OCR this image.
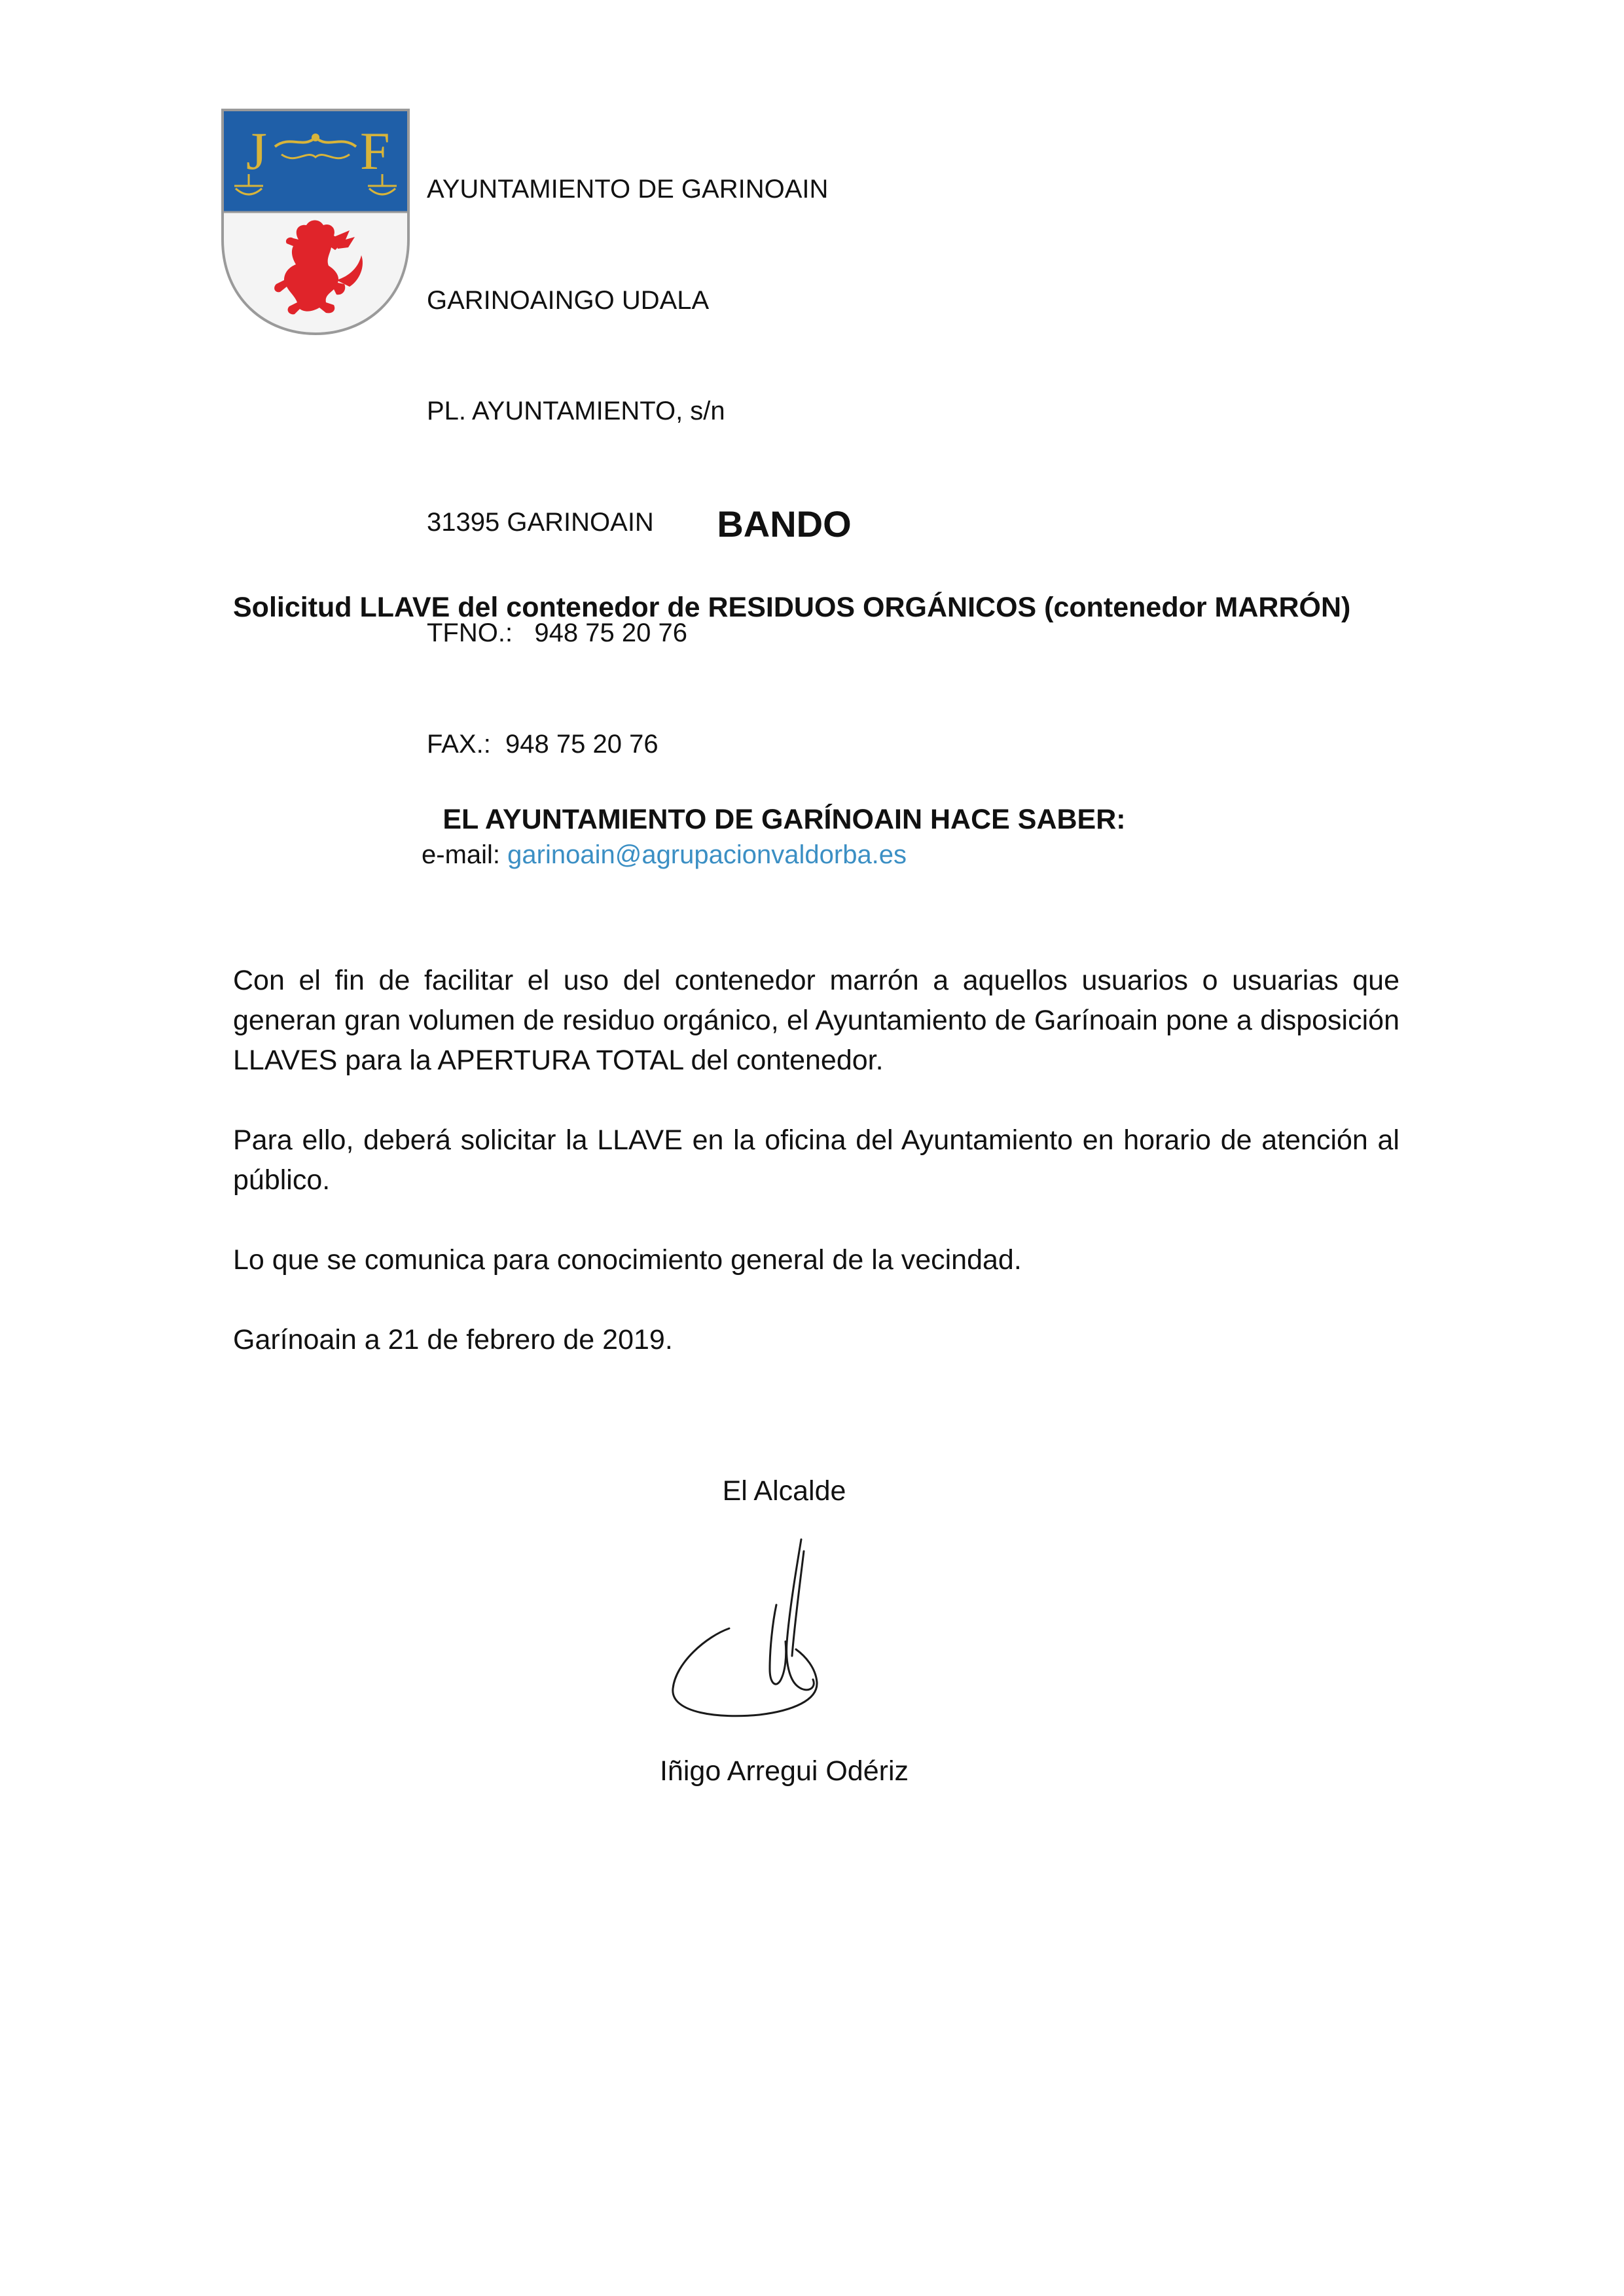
J F

AYUNTAMIENTO DE GARINOAIN

GARINOAINGO UDALA

PL. AYUNTAMIENTO, s/n

31395 GARINOAIN

TFNO.:   948 75 20 76

FAX.:  948 75 20 76

e-mail: garinoain@agrupacionvaldorba.es

BANDO
Solicitud LLAVE del contenedor de RESIDUOS ORGÁNICOS (contenedor MARRÓN)
EL AYUNTAMIENTO DE GARÍNOAIN HACE SABER:
Con el fin de facilitar el uso del contenedor marrón a aquellos usuarios o usuarias que generan gran volumen de residuo orgánico, el Ayuntamiento de Garínoain pone a disposición LLAVES para la APERTURA TOTAL del contenedor.
Para ello, deberá solicitar la LLAVE en la oficina del Ayuntamiento en horario de atención al público.
Lo que se comunica para conocimiento general de la vecindad.
Garínoain a 21 de febrero de 2019.
El Alcalde
Iñigo Arregui Odériz
